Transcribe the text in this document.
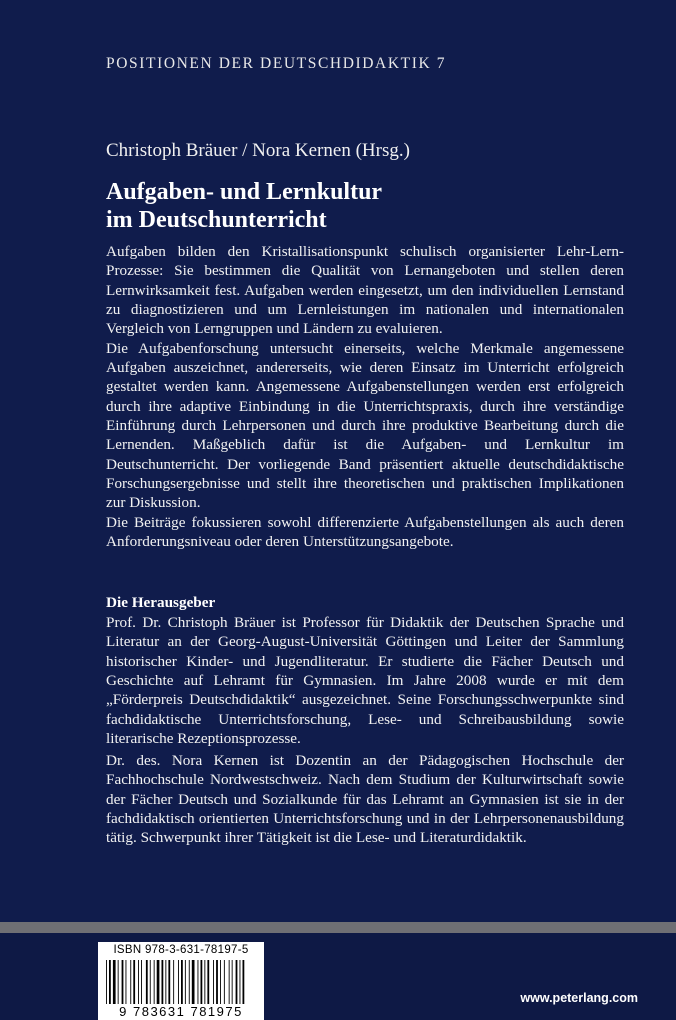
POSITIONEN DER DEUTSCHDIDAKTIK 7
Christoph Bräuer / Nora Kernen (Hrsg.)
Aufgaben- und Lernkultur
im Deutschunterricht

Aufgaben bilden den Kristallisationspunkt schulisch organisierter Lehr-Lern-Prozesse: Sie bestimmen die Qualität von Lernangeboten und stellen deren Lernwirksamkeit fest. Aufgaben werden eingesetzt, um den individuellen Lernstand zu diagnostizieren und um Lernleistungen im nationalen und internationalen Vergleich von Lerngruppen und Ländern zu evaluieren.

Die Aufgabenforschung untersucht einerseits, welche Merkmale angemessene Aufgaben auszeichnet, andererseits, wie deren Einsatz im Unterricht erfolgreich gestaltet werden kann. Angemessene Aufgabenstellungen werden erst erfolgreich durch ihre adaptive Einbindung in die Unterrichtspraxis, durch ihre verständige Einführung durch Lehrpersonen und durch ihre produktive Bearbeitung durch die Lernenden. Maßgeblich dafür ist die Aufgaben- und Lernkultur im Deutschunterricht. Der vorliegende Band präsentiert aktuelle deutschdidaktische Forschungsergebnisse und stellt ihre theoretischen und praktischen Implikationen zur Diskussion.

Die Beiträge fokussieren sowohl differenzierte Aufgabenstellungen als auch deren Anforderungsniveau oder deren Unterstützungsangebote.

Die Herausgeber

Prof. Dr. Christoph Bräuer ist Professor für Didaktik der Deutschen Sprache und Literatur an der Georg-August-Universität Göttingen und Leiter der Sammlung historischer Kinder- und Jugendliteratur. Er studierte die Fächer Deutsch und Geschichte auf Lehramt für Gymnasien. Im Jahre 2008 wurde er mit dem „Förderpreis Deutschdidaktik“ ausgezeichnet. Seine Forschungsschwerpunkte sind fachdidaktische Unterrichtsforschung, Lese- und Schreibausbildung sowie literarische Rezeptionsprozesse.

Dr. des. Nora Kernen ist Dozentin an der Pädagogischen Hochschule der Fachhochschule Nordwestschweiz. Nach dem Studium der Kulturwirtschaft sowie der Fächer Deutsch und Sozialkunde für das Lehramt an Gymnasien ist sie in der fachdidaktisch orientierten Unterrichtsforschung und in der Lehrpersonenausbildung tätig. Schwerpunkt ihrer Tätigkeit ist die Lese- und Literaturdidaktik.

ISBN 978-3-631-78197-5
9 783631 781975
www.peterlang.com
